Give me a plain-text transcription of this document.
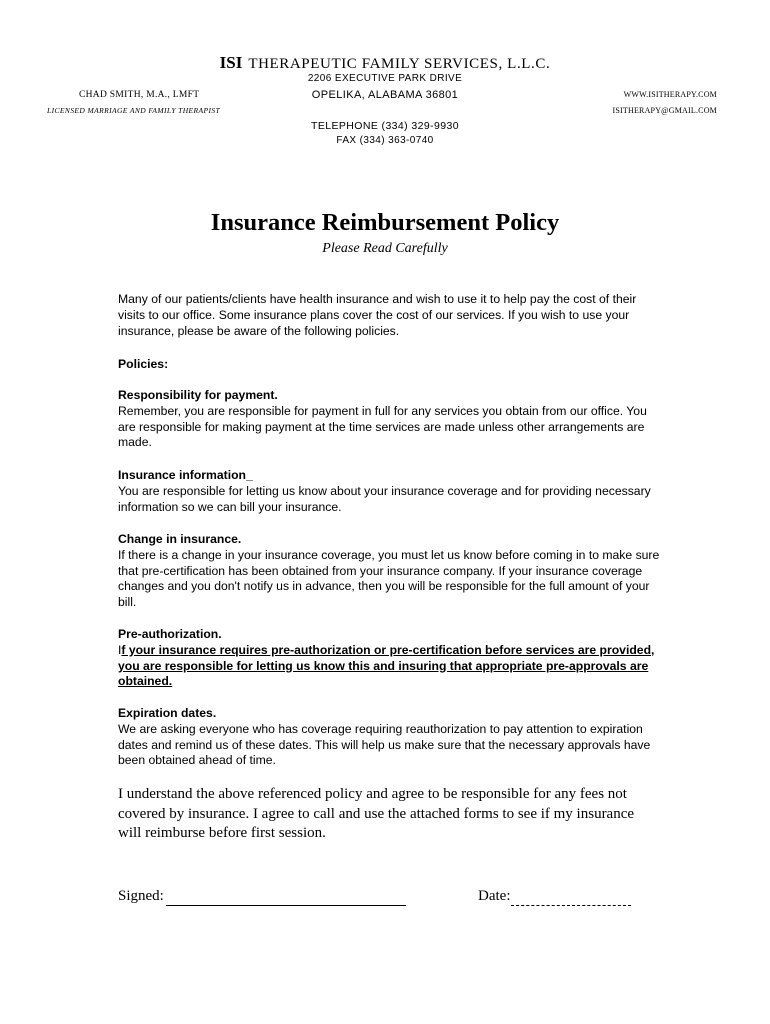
ISI THERAPEUTIC FAMILY SERVICES, L.L.C.
2206 EXECUTIVE PARK DRIVE
OPELIKA, ALABAMA 36801
TELEPHONE (334) 329-9930
FAX (334) 363-0740
CHAD SMITH, M.A., LMFT
LICENSED MARRIAGE AND FAMILY THERAPIST
WWW.ISITHERAPY.COM
ISITHERAPY@GMAIL.COM
Insurance Reimbursement Policy
Please Read Carefully

Many of our patients/clients have health insurance and wish to use it to help pay the cost of their visits to our office. Some insurance plans cover the cost of our services. If you wish to use your insurance, please be aware of the following policies.

Policies:

Responsibility for payment.

Remember, you are responsible for payment in full for any services you obtain from our office. You are responsible for making payment at the time services are made unless other arrangements are made.

Insurance information_

You are responsible for letting us know about your insurance coverage and for providing necessary information so we can bill your insurance.

Change in insurance.

If there is a change in your insurance coverage, you must let us know before coming in to make sure that pre-certification has been obtained from your insurance company. If your insurance coverage changes and you don't notify us in advance, then you will be responsible for the full amount of your bill.

Pre-authorization.

If your insurance requires pre-authorization or pre-certification before services are provided, you are responsible for letting us know this and insuring that appropriate pre-approvals are obtained.

Expiration dates.

We are asking everyone who has coverage requiring reauthorization to pay attention to expiration dates and remind us of these dates. This will help us make sure that the necessary approvals have been obtained ahead of time.

I understand the above referenced policy and agree to be responsible for any fees not covered by insurance. I agree to call and use the attached forms to see if my insurance will reimburse before first session.

Signed:	Date:
